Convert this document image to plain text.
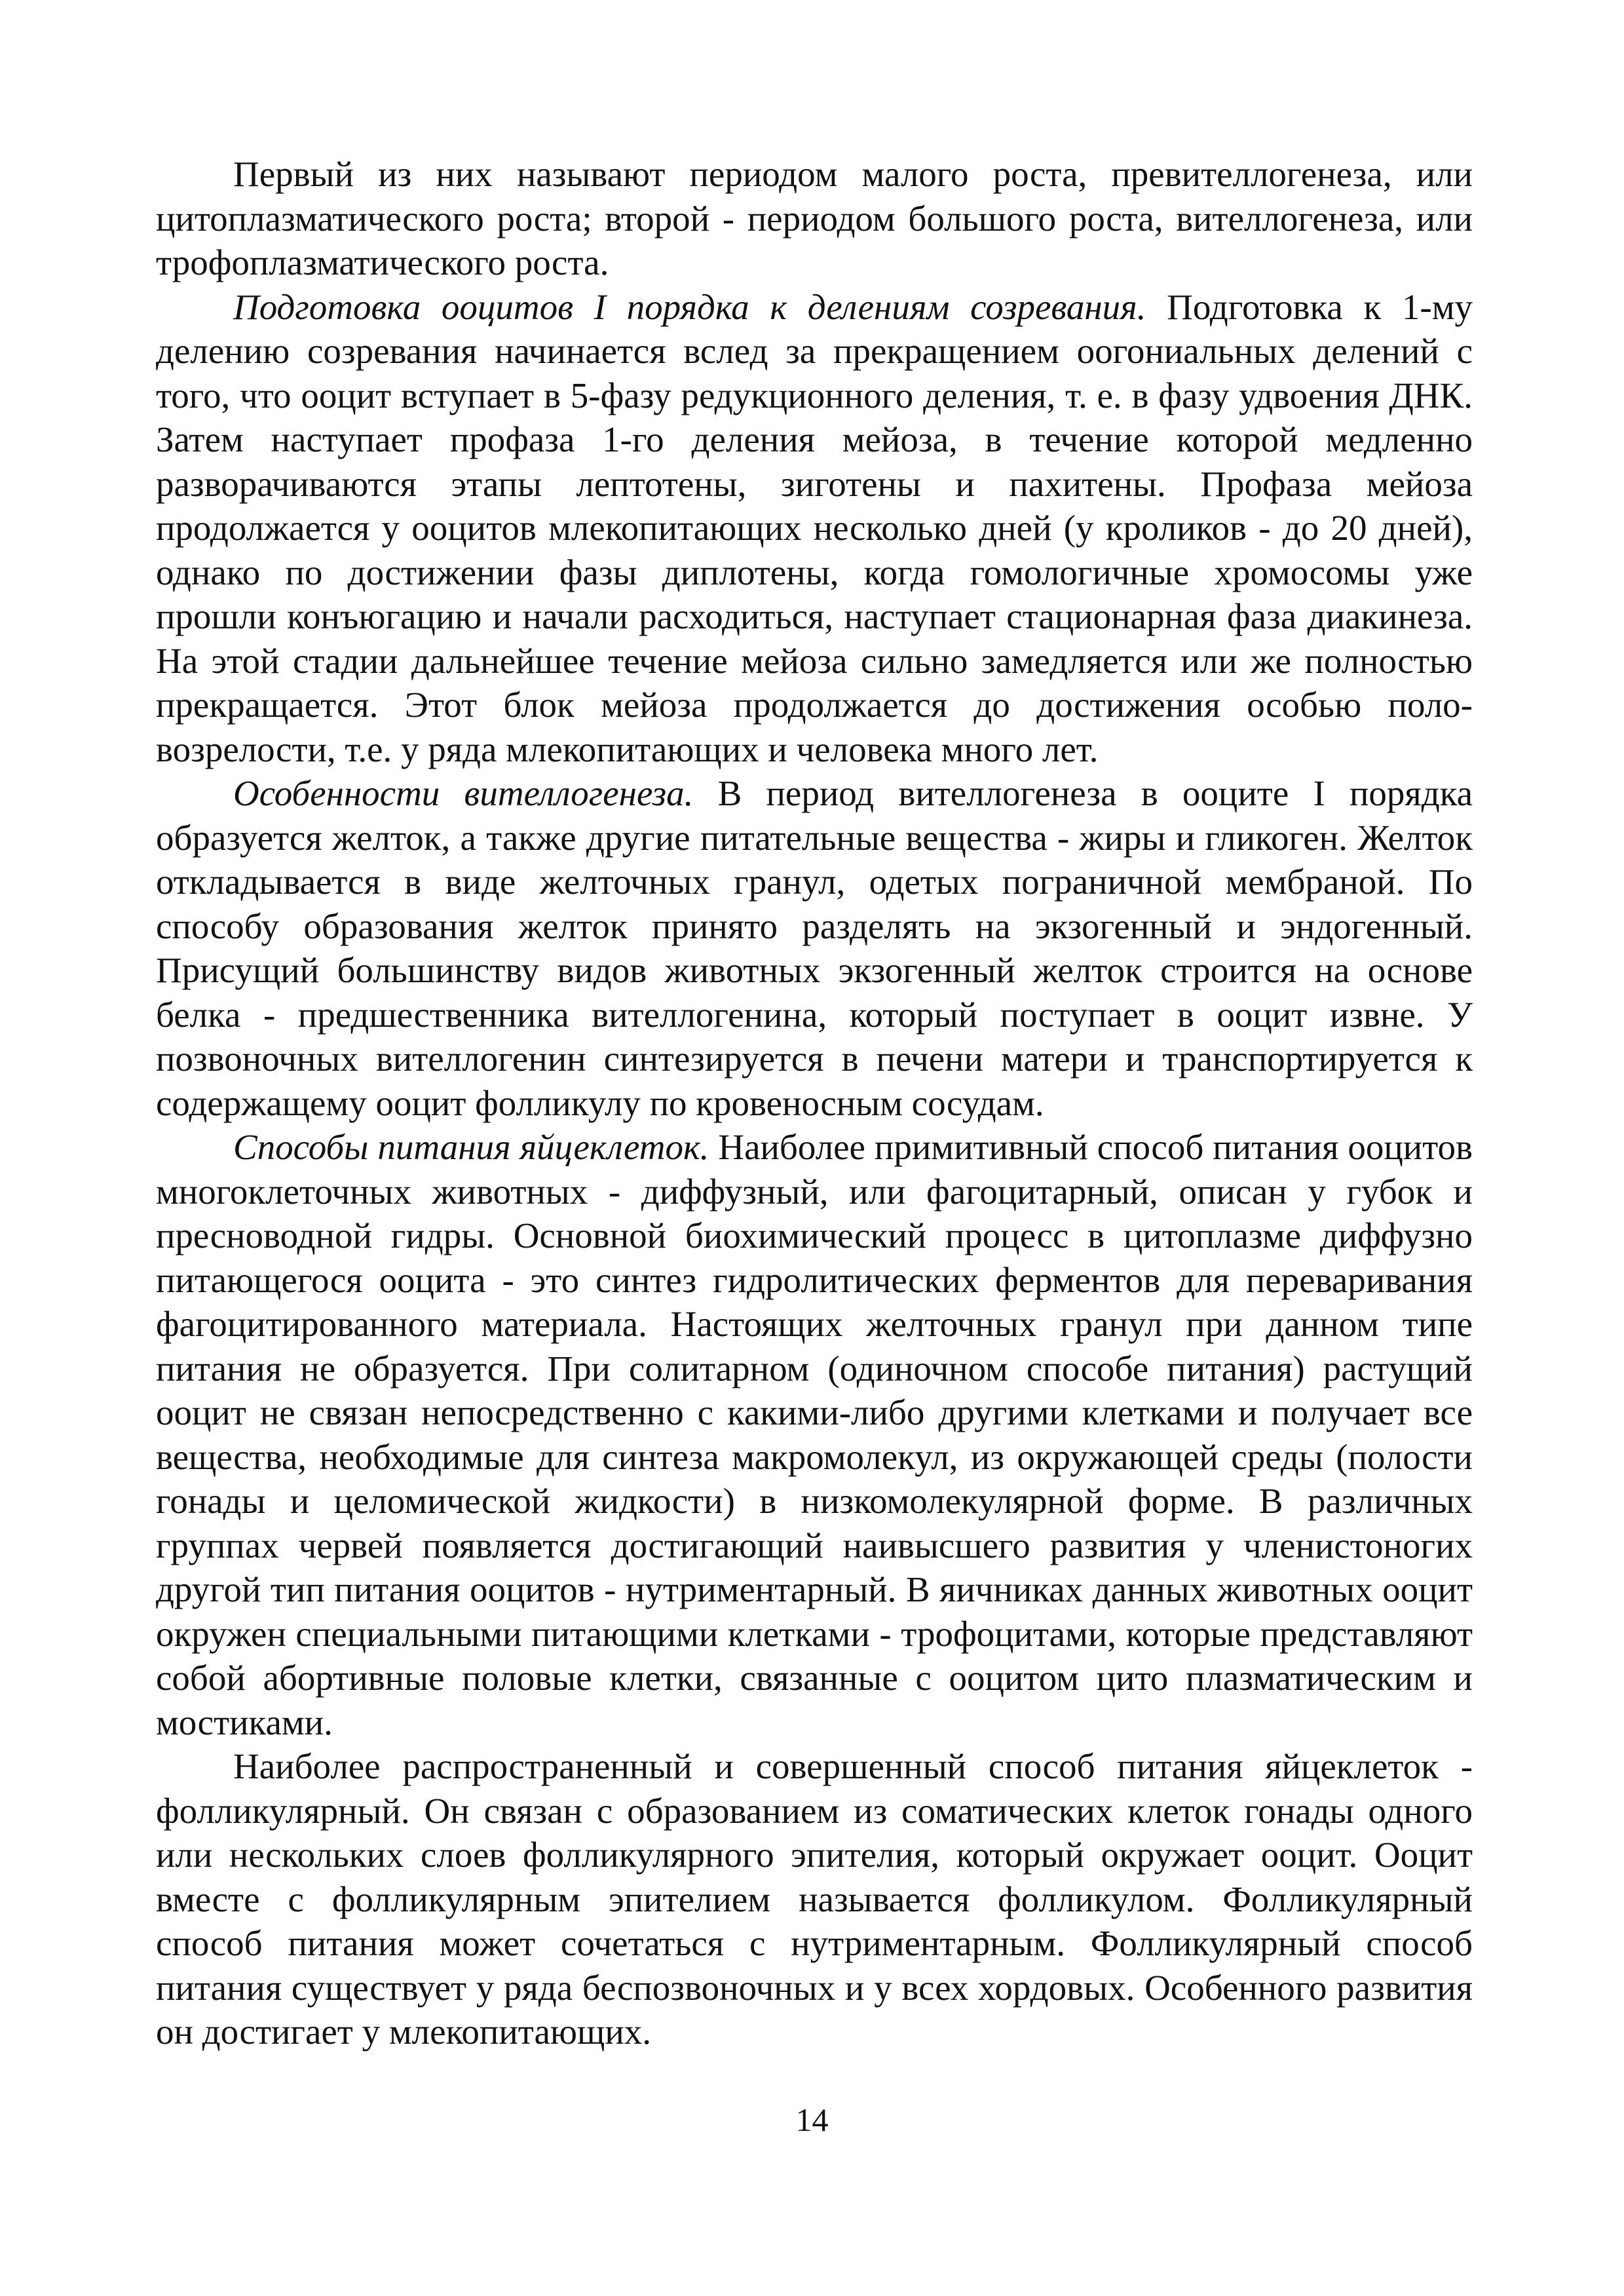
Первый из них называют периодом малого роста, превителлогенеза, или цитоплазматического роста; второй - периодом большого роста, вителлогенеза, или трофоплазматического роста.

Подготовка ооцитов I порядка к делениям созревания. Подготовка к 1-му делению созревания начинается вслед за прекращением оогониальных делений с того, что ооцит вступает в 5-фазу редукционного деления, т. е. в фазу удвоения ДНК. Затем наступает профаза 1-го деления мейоза, в течение которой медленно разворачиваются этапы лептотены, зиготены и пахитены. Профаза мейоза продолжается у ооцитов млекопитающих несколько дней (у кроликов - до 20 дней), однако по достижении фазы диплотены, когда гомологичные хромосомы уже прошли конъюгацию и начали расходиться, наступает стационарная фаза диакинеза. На этой стадии дальнейшее течение мейоза сильно замедляется или же полностью прекращается. Этот блок мейоза продолжается до достижения особью поло-возрелости, т.е. у ряда млекопитающих и человека много лет.

Особенности вителлогенеза. В период вителлогенеза в ооците I порядка образуется желток, а также другие питательные вещества - жиры и гликоген. Желток откладывается в виде желточных гранул, одетых пограничной мембраной. По способу образования желток принято разделять на экзогенный и эндогенный. Присущий большинству видов животных экзогенный желток строится на основе белка - предшественника вителлогенина, который поступает в ооцит извне. У позвоночных вителлогенин синтезируется в печени матери и транспортируется к содержащему ооцит фолликулу по кровеносным сосудам.

Способы питания яйцеклеток. Наиболее примитивный способ питания ооцитов многоклеточных животных - диффузный, или фагоцитарный, описан у губок и пресноводной гидры. Основной биохимический процесс в цитоплазме диффузно питающегося ооцита - это синтез гидролитических ферментов для переваривания фагоцитированного материала. Настоящих желточных гранул при данном типе питания не образуется. При солитарном (одиночном способе питания) растущий ооцит не связан непосредственно с какими-либо другими клетками и получает все вещества, необходимые для синтеза макромолекул, из окружающей среды (полости гонады и целомической жидкости) в низкомолекулярной форме. В различных группах червей появляется достигающий наивысшего развития у членистоногих другой тип питания ооцитов - нутриментарный. В яичниках данных животных ооцит окружен специальными питающими клетками - трофоцитами, которые представляют собой абортивные половые клетки, связанные с ооцитом цито плазматическим и мостиками.

Наиболее распространенный и совершенный способ питания яйцеклеток - фолликулярный. Он связан с образованием из соматических клеток гонады одного или нескольких слоев фолликулярного эпителия, который окружает ооцит. Ооцит вместе с фолликулярным эпителием называется фолликулом. Фолликулярный способ питания может сочетаться с нутриментарным. Фолликулярный способ питания существует у ряда беспозвоночных и у всех хордовых. Особенного развития он достигает у млекопитающих.

14
